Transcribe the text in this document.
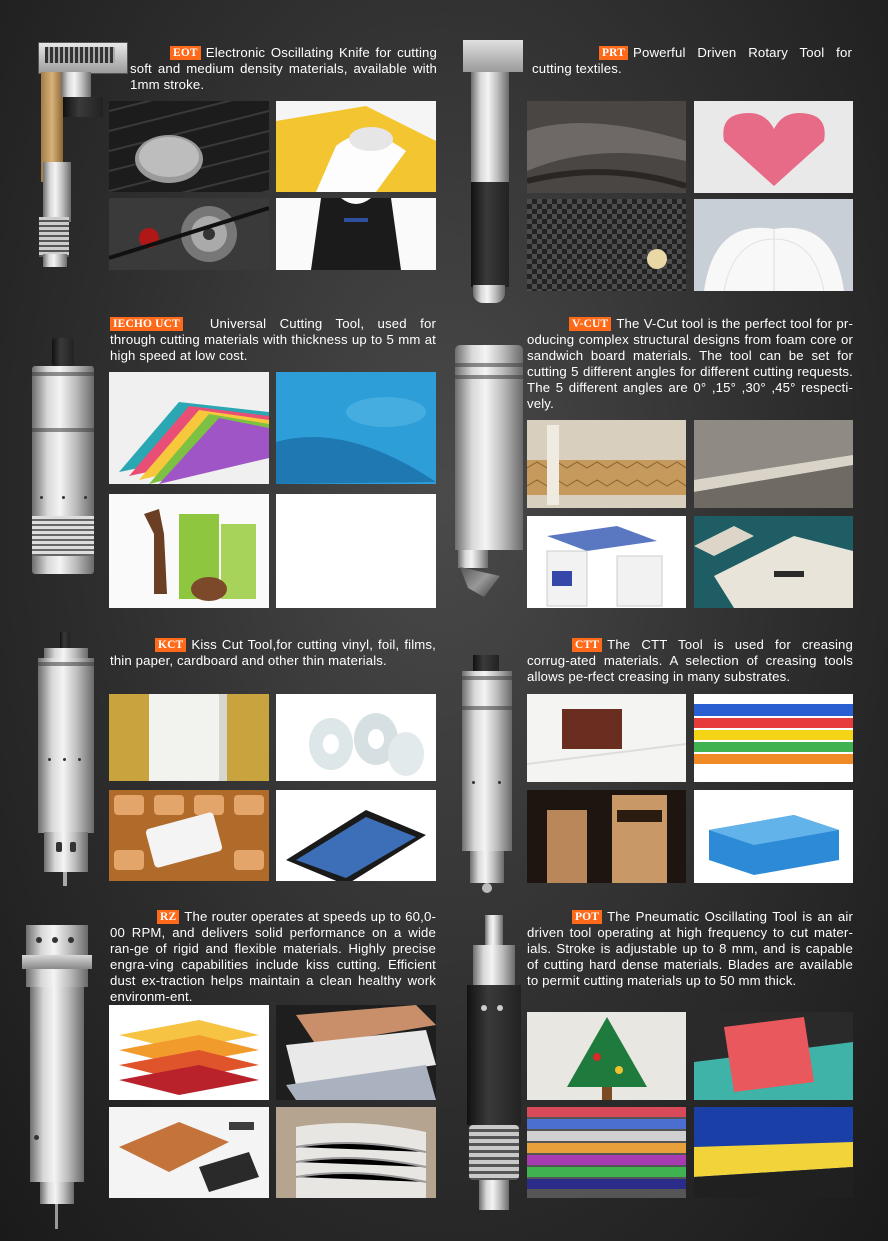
EOT Electronic Oscillating Knife for cutting soft and medium density materials, available with 1mm stroke.
PRT Powerful Driven Rotary Tool for cutting textiles.
IECHO UCT Universal Cutting Tool, used for through cutting materials with thickness up to 5 mm at high speed at low cost.
V-CUT The V-Cut tool is the perfect tool for pr-oducing complex structural designs from foam core or sandwich board materials. The tool can be set for cutting 5 different angles for different cutting requests. The 5 different angles are 0° ,15° ,30° ,45° respecti-vely.
KCT Kiss Cut Tool,for cutting vinyl, foil, films, thin paper, cardboard and other thin materials.
CTT The CTT Tool is used for creasing corrug-ated materials. A selection of creasing tools allows pe-rfect creasing in many substrates.
RZ The router operates at speeds up to 60,0-00 RPM, and delivers solid performance on a wide ran-ge of rigid and flexible materials. Highly precise engra-ving capabilities include kiss cutting. Efficient dust ex-traction helps maintain a clean healthy work environm-ent.
POT The Pneumatic Oscillating Tool is an air driven tool operating at high frequency to cut mater-ials. Stroke is adjustable up to 8 mm, and is capable of cutting hard dense materials. Blades are available to permit cutting materials up to 50 mm thick.
